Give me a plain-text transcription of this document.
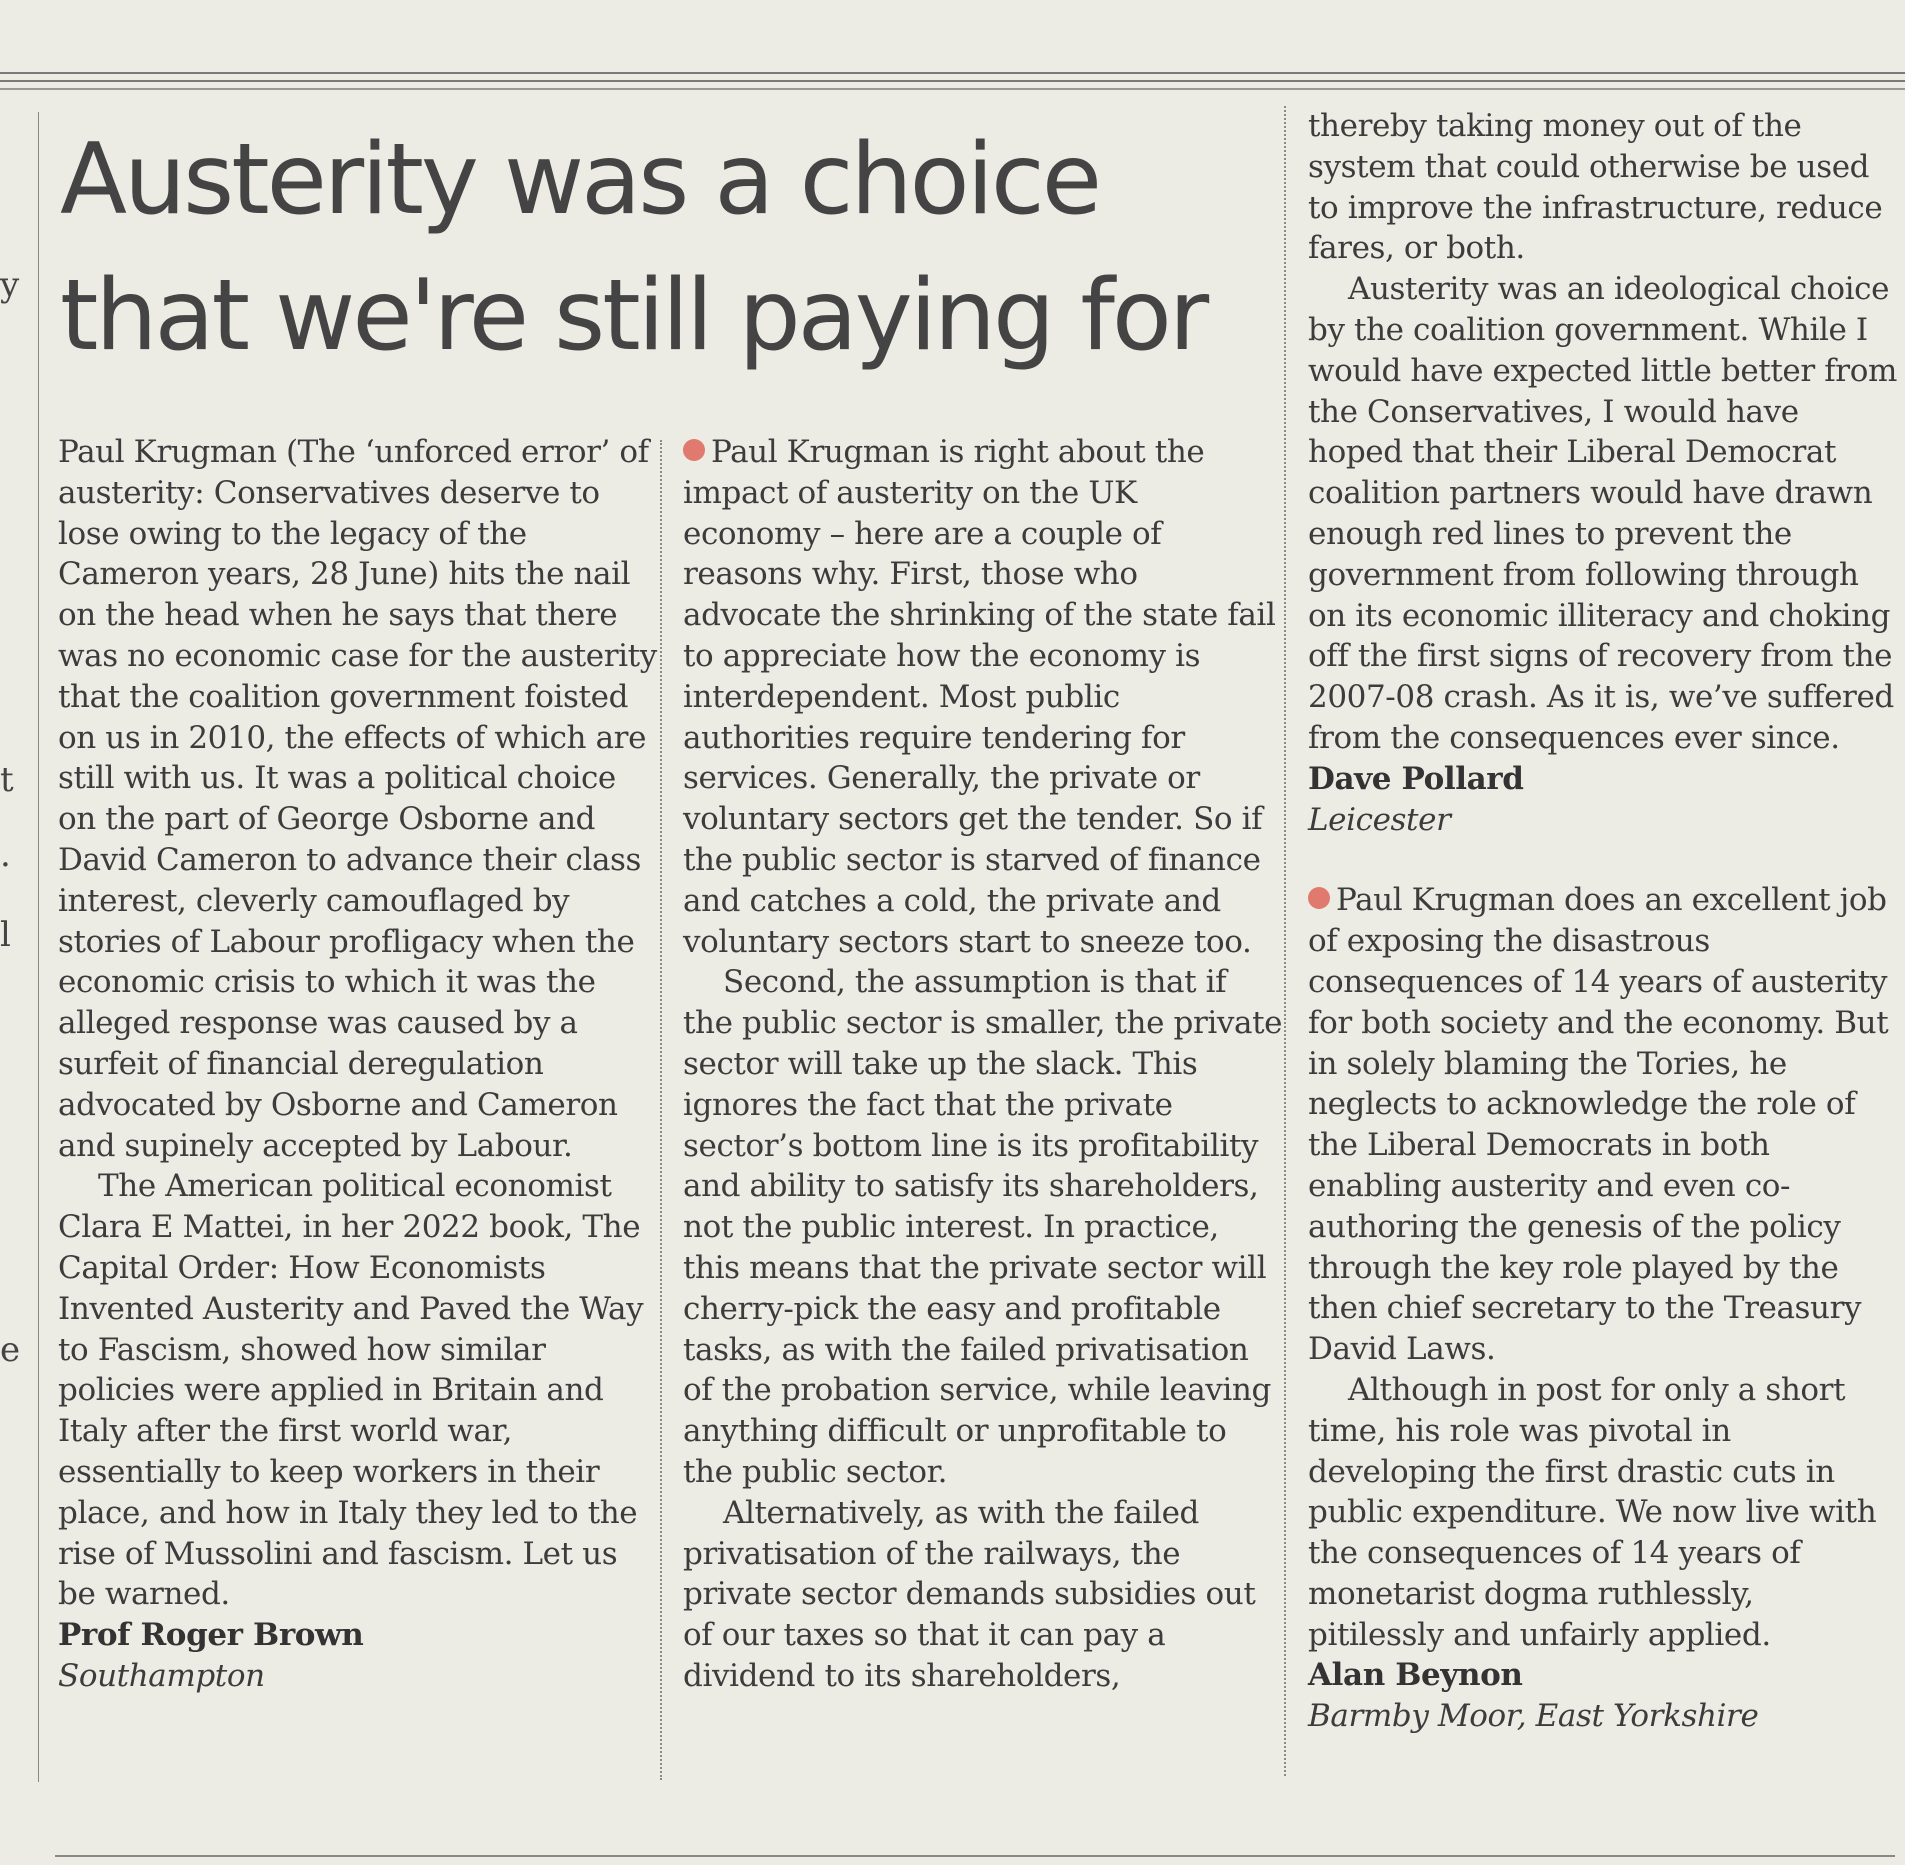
y
t
.
l
e
Austerity was a choice
that we're still paying for

Paul Krugman (The ‘unforced error’ of austerity: Conservatives deserve to lose owing to the legacy of the Cameron years, 28 June) hits the nail on the head when he says that there was no economic case for the austerity that the coalition government foisted on us in 2010, the effects of which are still with us. It was a political choice on the part of George Osborne and David Cameron to advance their class interest, cleverly camouflaged by stories of Labour profligacy when the economic crisis to which it was the alleged response was caused by a surfeit of financial deregulation advocated by Osborne and Cameron and supinely accepted by Labour.

The American political economist Clara E Mattei, in her 2022 book, The Capital Order: How Economists Invented Austerity and Paved the Way to Fascism, showed how similar policies were applied in Britain and Italy after the first world war, essentially to keep workers in their place, and how in Italy they led to the rise of Mussolini and fascism. Let us be warned.

Prof Roger Brown

Southampton

Paul Krugman is right about the impact of austerity on the UK economy – here are a couple of reasons why. First, those who advocate the shrinking of the state fail to appreciate how the economy is interdependent. Most public authorities require tendering for services. Generally, the private or voluntary sectors get the tender. So if the public sector is starved of finance and catches a cold, the private and voluntary sectors start to sneeze too.

Second, the assumption is that if the public sector is smaller, the private sector will take up the slack. This ignores the fact that the private sector’s bottom line is its profitability and ability to satisfy its shareholders, not the public interest. In practice, this means that the private sector will cherry-pick the easy and profitable tasks, as with the failed privatisation of the probation service, while leaving anything difficult or unprofitable to the public sector.

Alternatively, as with the failed privatisation of the railways, the private sector demands subsidies out of our taxes so that it can pay a dividend to its shareholders,

thereby taking money out of the system that could otherwise be used to improve the infrastructure, reduce fares, or both.

Austerity was an ideological choice by the coalition government. While I would have expected little better from the Conservatives, I would have hoped that their Liberal Democrat coalition partners would have drawn enough red lines to prevent the government from following through on its economic illiteracy and choking off the first signs of recovery from the 2007-08 crash. As it is, we’ve suffered from the consequences ever since.

Dave Pollard

Leicester

Paul Krugman does an excellent job of exposing the disastrous consequences of 14 years of austerity for both society and the economy. But in solely blaming the Tories, he neglects to acknowledge the role of the Liberal Democrats in both enabling austerity and even co-authoring the genesis of the policy through the key role played by the then chief secretary to the Treasury David Laws.

Although in post for only a short time, his role was pivotal in developing the first drastic cuts in public expenditure. We now live with the consequences of 14 years of monetarist dogma ruthlessly, pitilessly and unfairly applied.

Alan Beynon

Barmby Moor, East Yorkshire
